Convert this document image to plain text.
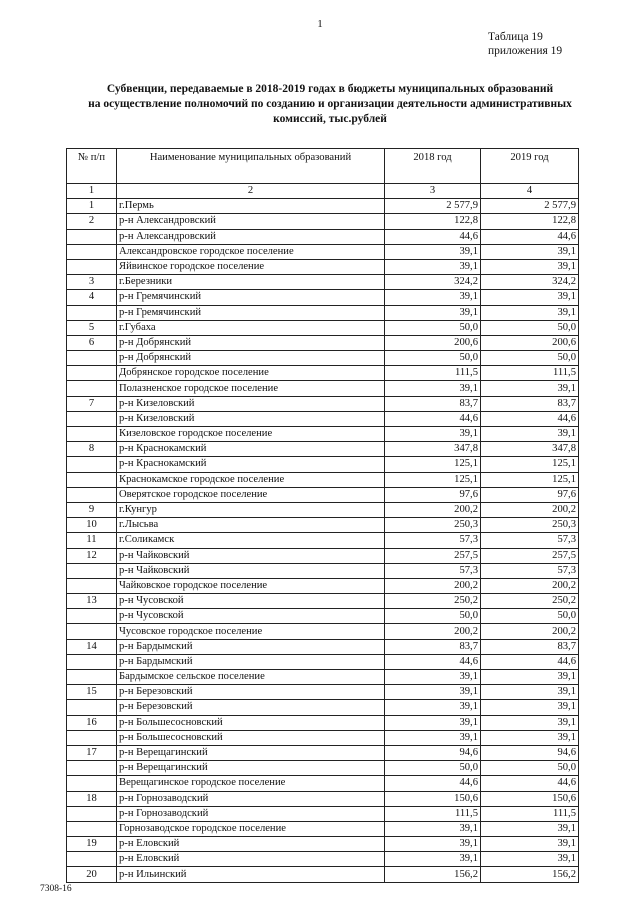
1
Таблица 19
приложения 19
Субвенции, передаваемые в 2018-2019 годах в бюджеты муниципальных образований
на осуществление полномочий по созданию и организации деятельности административных
комиссий, тыс.рублей
№ п/п	Наименование муниципальных образований	2018 год	2019 год
1	2	3	4
1	г.Пермь	2 577,9	2 577,9
2	р-н Александровский	122,8	122,8
	р-н Александровский	44,6	44,6
	Александровское городское поселение	39,1	39,1
	Яйвинское городское поселение	39,1	39,1
3	г.Березники	324,2	324,2
4	р-н Гремячинский	39,1	39,1
	р-н Гремячинский	39,1	39,1
5	г.Губаха	50,0	50,0
6	р-н Добрянский	200,6	200,6
	р-н Добрянский	50,0	50,0
	Добрянское городское поселение	111,5	111,5
	Полазненское городское поселение	39,1	39,1
7	р-н Кизеловский	83,7	83,7
	р-н Кизеловский	44,6	44,6
	Кизеловское городское поселение	39,1	39,1
8	р-н Краснокамский	347,8	347,8
	р-н Краснокамский	125,1	125,1
	Краснокамское городское поселение	125,1	125,1
	Оверятское городское поселение	97,6	97,6
9	г.Кунгур	200,2	200,2
10	г.Лысьва	250,3	250,3
11	г.Соликамск	57,3	57,3
12	р-н Чайковский	257,5	257,5
	р-н Чайковский	57,3	57,3
	Чайковское городское поселение	200,2	200,2
13	р-н Чусовской	250,2	250,2
	р-н Чусовской	50,0	50,0
	Чусовское городское поселение	200,2	200,2
14	р-н Бардымский	83,7	83,7
	р-н Бардымский	44,6	44,6
	Бардымское сельское поселение	39,1	39,1
15	р-н Березовский	39,1	39,1
	р-н Березовский	39,1	39,1
16	р-н Большесосновский	39,1	39,1
	р-н Большесосновский	39,1	39,1
17	р-н Верещагинский	94,6	94,6
	р-н Верещагинский	50,0	50,0
	Верещагинское городское поселение	44,6	44,6
18	р-н Горнозаводский	150,6	150,6
	р-н Горнозаводский	111,5	111,5
	Горнозаводское городское поселение	39,1	39,1
19	р-н Еловский	39,1	39,1
	р-н Еловский	39,1	39,1
20	р-н Ильинский	156,2	156,2
7308-16
